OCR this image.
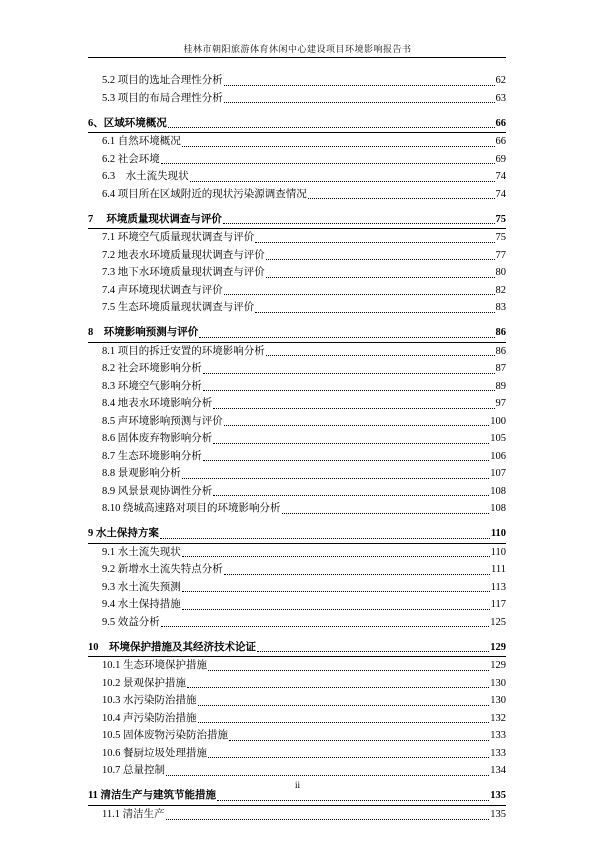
桂林市朝阳旅游体育休闲中心建设项目环境影响报告书
5.2 项目的选址合理性分析	62
5.3 项目的布局合理性分析	63
6、区域环境概况	66
6.1 自然环境概况	66
6.2 社会环境	69
6.3　水土流失现状	74
6.4 项目所在区域附近的现状污染源调查情况	74
7　 环境质量现状调查与评价	75
7.1 环境空气质量现状调查与评价	75
7.2 地表水环境质量现状调查与评价	77
7.3 地下水环境质量现状调查与评价	80
7.4 声环境现状调查与评价	82
7.5 生态环境质量现状调查与评价	83
8　环境影响预测与评价	86
8.1 项目的拆迁安置的环境影响分析	86
8.2 社会环境影响分析	87
8.3 环境空气影响分析	89
8.4 地表水环境影响分析	97
8.5 声环境影响预测与评价	100
8.6 固体废弃物影响分析	105
8.7 生态环境影响分析	106
8.8 景观影响分析	107
8.9 风景景观协调性分析	108
8.10 绕城高速路对项目的环境影响分析	108
9 水土保持方案	110
9.1 水土流失现状	110
9.2 新增水土流失特点分析	111
9.3 水土流失预测	113
9.4 水土保持措施	117
9.5 效益分析	125
10　环境保护措施及其经济技术论证	129
10.1 生态环境保护措施	129
10.2 景观保护措施	130
10.3 水污染防治措施	130
10.4 声污染防治措施	132
10.5 固体废物污染防治措施	133
10.6 餐厨垃圾处理措施	133
10.7 总量控制	134
11 清洁生产与建筑节能措施	135
11.1 清洁生产	135
ii
